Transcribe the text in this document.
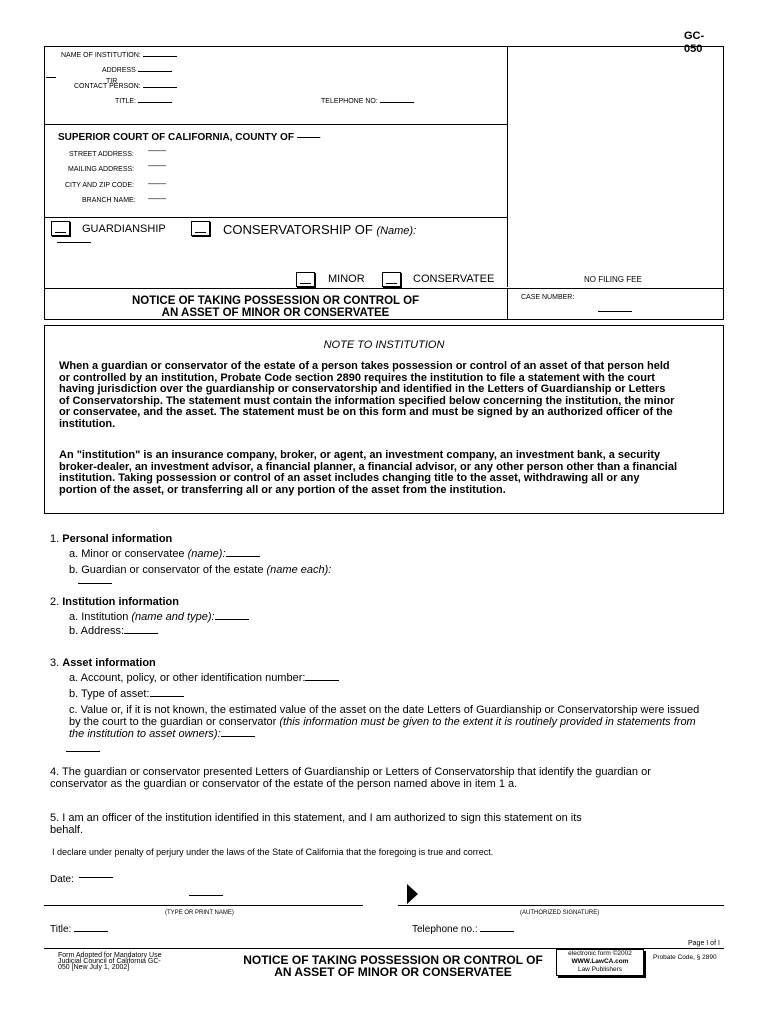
GC-050
NAME OF INSTITUTION:
ADDRESS
TIR
CONTACT PERSON:
TITLE:	TELEPHONE NO:
SUPERIOR COURT OF CALIFORNIA, COUNTY OF –––––
STREET ADDRESS:
MAILING ADDRESS:
CITY AND ZIP CODE:
BRANCH NAME:
–––––
–––––
–––––
–––––
GUARDIANSHIP	CONSERVATORSHIP OF (Name):
MINOR	CONSERVATEE	NO FILING FEE
NOTICE OF TAKING POSSESSION OR CONTROL OF
AN ASSET OF MINOR OR CONSERVATEE
CASE NUMBER:
NOTE TO INSTITUTION
When a guardian or conservator of the estate of a person takes possession or control of an asset of that person held
or controlled by an institution, Probate Code section 2890 requires the institution to file a statement with the court
having jurisdiction over the guardianship or conservatorship and identified in the Letters of Guardianship or Letters
of Conservatorship. The statement must contain the information specified below concerning the institution, the minor
or conservatee, and the asset. The statement must be on this form and must be signed by an authorized officer of the
institution.
An "institution" is an insurance company, broker, or agent, an investment company, an investment bank, a security
broker-dealer, an investment advisor, a financial planner, a financial advisor, or any other person other than a financial
institution. Taking possession or control of an asset includes changing title to the asset, withdrawing all or any
portion of the asset, or transferring all or any portion of the asset from the institution.
1. Personal information
a. Minor or conservatee (name):
b. Guardian or conservator of the estate (name each):
2. Institution information
a. Institution (name and type):
b. Address:
3. Asset information
a. Account, policy, or other identification number:
b. Type of asset:
c. Value or, if it is not known, the estimated value of the asset on the date Letters of Guardianship or Conservatorship were issued
by the court to the guardian or conservator (this information must be given to the extent it is routinely provided in statements from
the institution to asset owners):
4. The guardian or conservator presented Letters of Guardianship or Letters of Conservatorship that identify the guardian or
conservator as the guardian or conservator of the estate of the person named above in item 1 a.
5. I am an officer of the institution identified in this statement, and I am authorized to sign this statement on its
behalf.
I declare under penalty of perjury under the laws of the State of California that the foregoing is true and correct.
Date:
(TYPE OR PRINT NAME)	(AUTHORIZED SIGNATURE)
Title:	Telephone no.:
Page I of I
Form Adopted for Mandatory Use
Judicial Council of California GC-
050 [New July 1, 2002]
NOTICE OF TAKING POSSESSION OR CONTROL OF
AN ASSET OF MINOR OR CONSERVATEE
electronic form ©2002
WWW.LawCA.com
Law Publishers
Probate Code, § 2890
